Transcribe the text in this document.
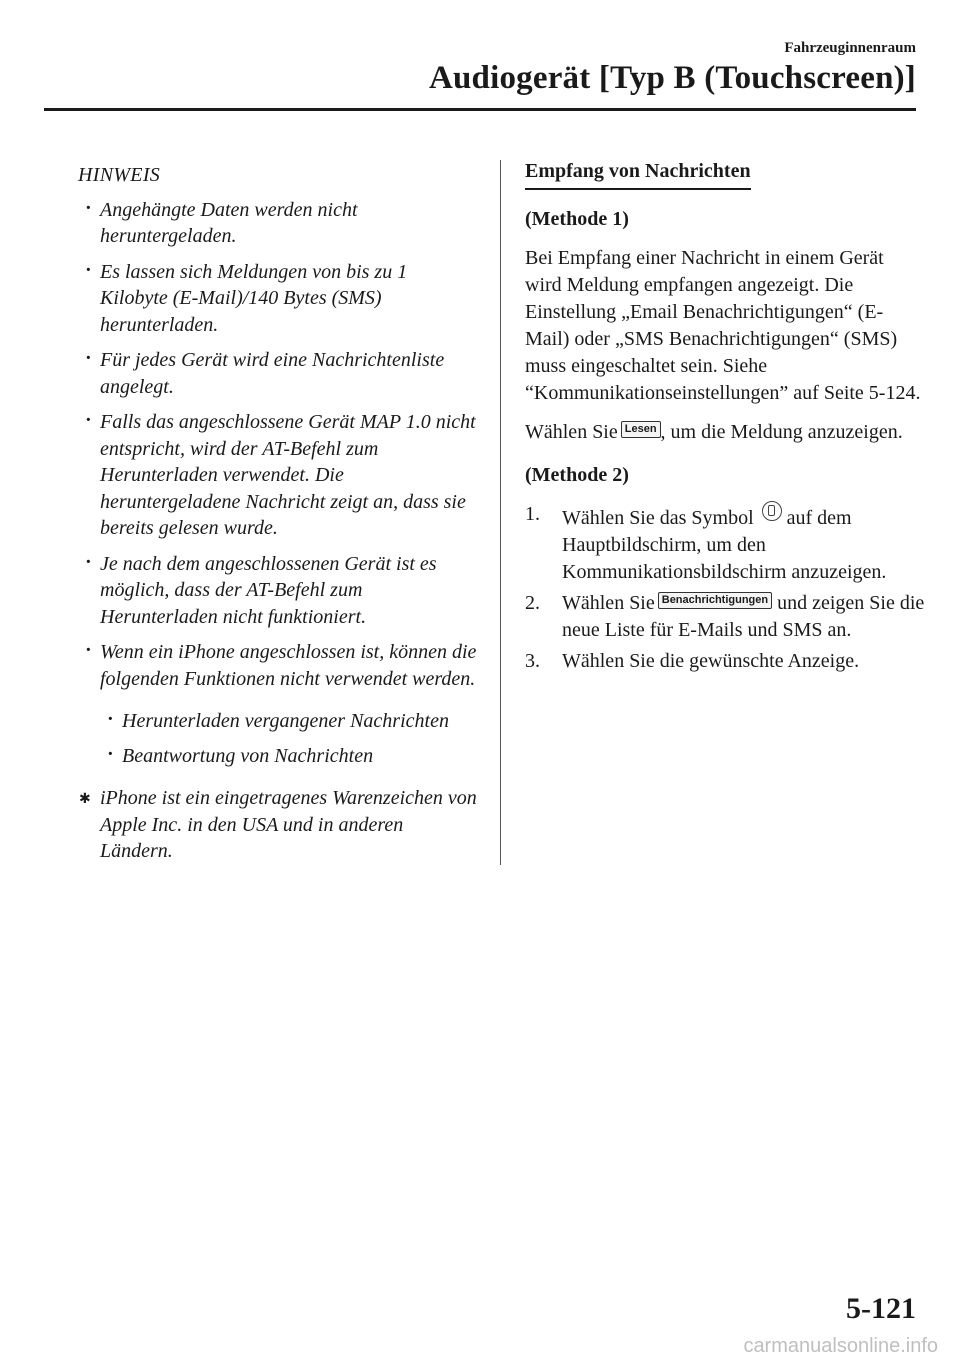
Fahrzeuginnenraum
Audiogerät [Typ B (Touchscreen)]
HINWEIS
· Angehängte Daten werden nicht heruntergeladen.
· Es lassen sich Meldungen von bis zu 1 Kilobyte (E-Mail)/140 Bytes (SMS) herunterladen.
· Für jedes Gerät wird eine Nachrichtenliste angelegt.
· Falls das angeschlossene Gerät MAP 1.0 nicht entspricht, wird der AT-Befehl zum Herunterladen verwendet. Die heruntergeladene Nachricht zeigt an, dass sie bereits gelesen wurde.
· Je nach dem angeschlossenen Gerät ist es möglich, dass der AT-Befehl zum Herunterladen nicht funktioniert.
· Wenn ein iPhone angeschlossen ist, können die folgenden Funktionen nicht verwendet werden.
· Herunterladen vergangener Nachrichten
· Beantwortung von Nachrichten
✱ iPhone ist ein eingetragenes Warenzeichen von Apple Inc. in den USA und in anderen Ländern.
Empfang von Nachrichten
(Methode 1)
Bei Empfang einer Nachricht in einem Gerät wird Meldung empfangen angezeigt. Die Einstellung „Email Benachrichtigungen“ (E-Mail) oder „SMS Benachrichtigungen“ (SMS) muss eingeschaltet sein. Siehe “Kommunikationseinstellungen” auf Seite 5-124.
Wählen Sie Lesen , um die Meldung anzuzeigen.
(Methode 2)
1. Wählen Sie das Symbol auf dem Hauptbildschirm, um den Kommunikationsbildschirm anzuzeigen.
2. Wählen Sie Benachrichtigungen und zeigen Sie die neue Liste für E-Mails und SMS an.
3. Wählen Sie die gewünschte Anzeige.
5-121
carmanualsonline.info
